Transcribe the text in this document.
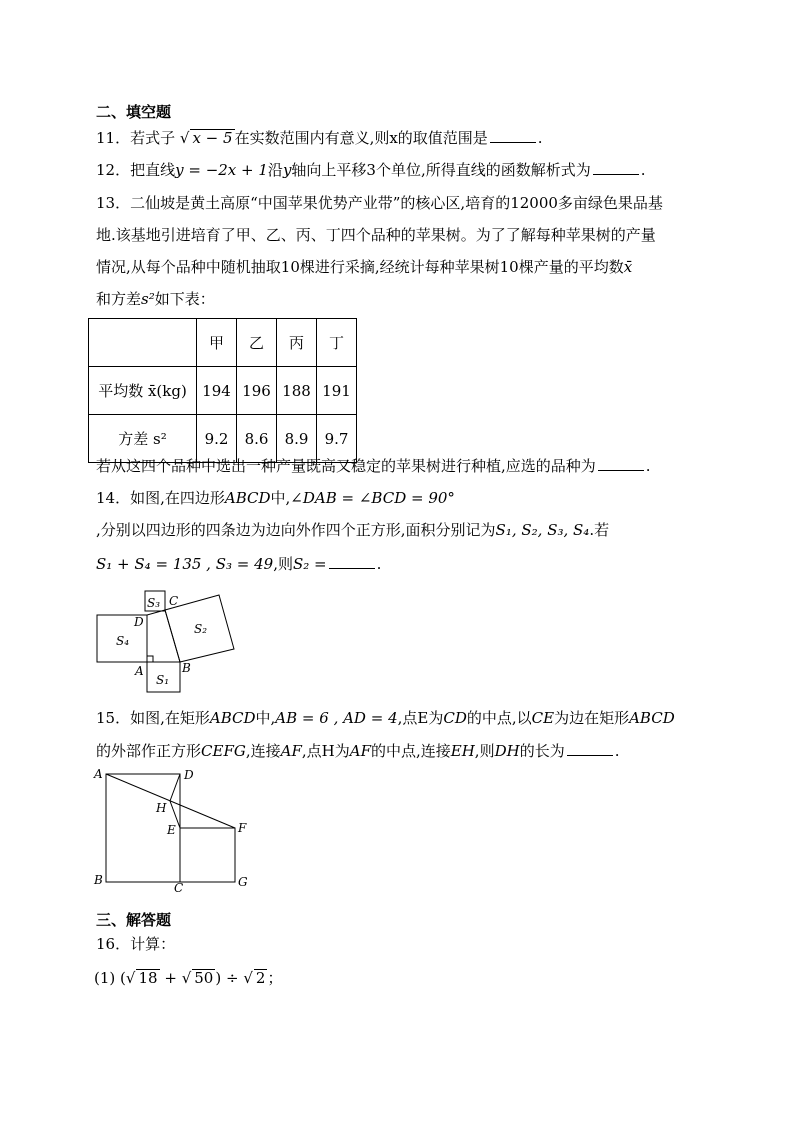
二、填空题
11．若式子 √ x − 5 在实数范围内有意义,则x的取值范围是	.
12．把直线y = −2x + 1沿y轴向上平移3个单位,所得直线的函数解析式为	.
13．二仙坡是黄土高原“中国苹果优势产业带”的核心区,培育的12000多亩绿色果品基
地.该基地引进培育了甲、乙、丙、丁四个品种的苹果树。为了了解每种苹果树的产量
情况,从每个品种中随机抽取10棵进行采摘,经统计每种苹果树10棵产量的平均数x̄
和方差s²如下表：
	甲	乙	丙	丁
平均数 x̄(kg)	194	196	188	191
方差 s²	9.2	8.6	8.9	9.7
若从这四个品种中选出一种产量既高又稳定的苹果树进行种植,应选的品种为	.
14．如图,在四边形ABCD中,∠DAB = ∠BCD = 90°
,分别以四边形的四条边为边向外作四个正方形,面积分别记为S₁, S₂, S₃, S₄.若
S₁ + S₄ = 135 , S₃ = 49,则S₂ =	.
S₃ C
D
S₄
S₂
A	B
S₁
15．如图,在矩形ABCD中,AB = 6 , AD = 4,点E为CD的中点,以CE为边在矩形ABCD
的外部作正方形CEFG,连接AF,点H为AF的中点,连接EH,则DH的长为	.
A	D
H
E	F
B
C	G
三、解答题
16．计算：
(1) (√ 18 + √ 50 ) ÷ √ 2 ；
